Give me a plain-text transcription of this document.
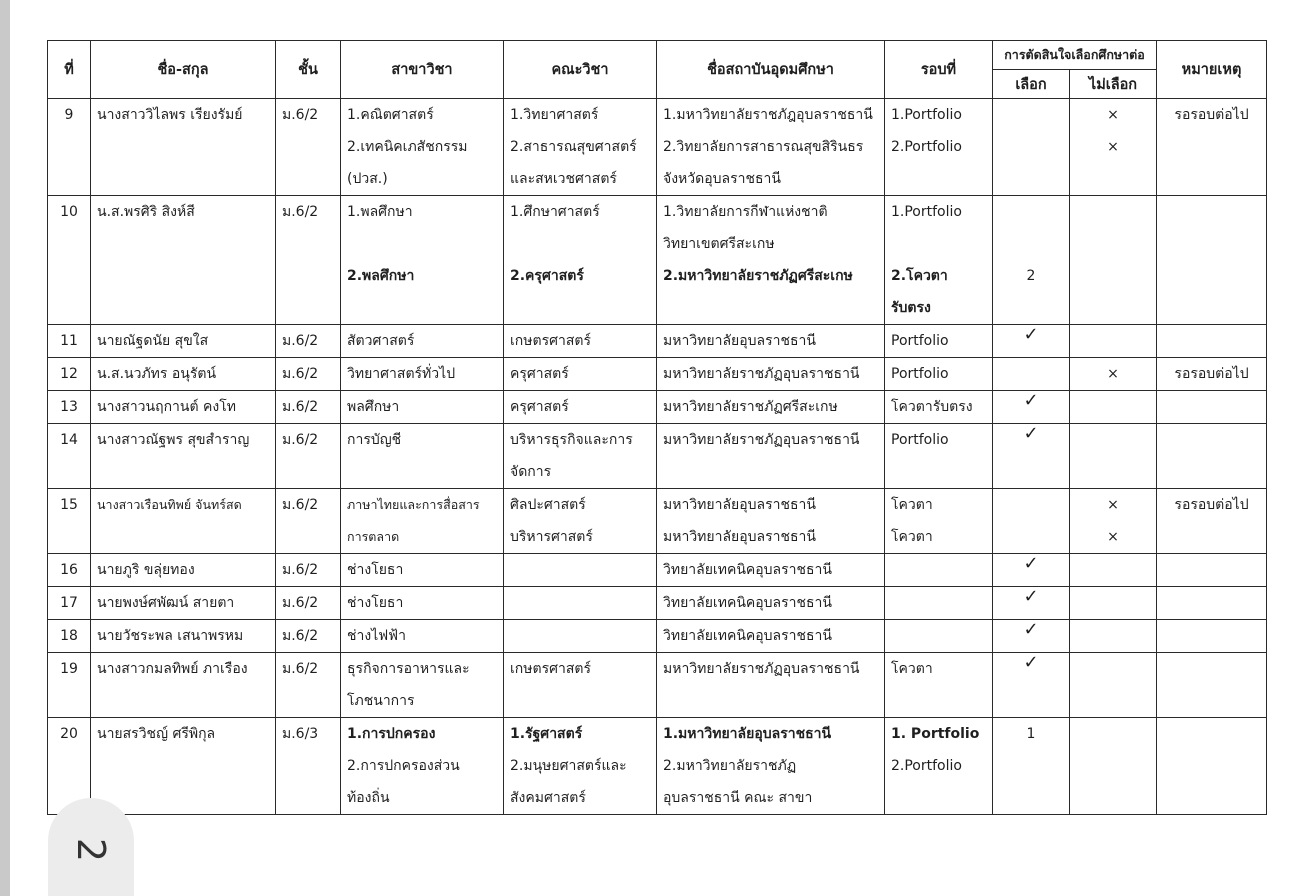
ที่	ชื่อ-สกุล	ชั้น	สาขาวิชา	คณะวิชา	ชื่อสถาบันอุดมศึกษา	รอบที่	การตัดสินใจเลือกศึกษาต่อ		หมายเหตุ
							เลือก	ไม่เลือก	
9	นางสาววิไลพร เรียงรัมย์	ม.6/2	1.คณิตศาสตร์
2.เทคนิคเภสัชกรรม
(ปวส.)	1.วิทยาศาสตร์
2.สาธารณสุขศาสตร์
และสหเวชศาสตร์	1.มหาวิทยาลัยราชภัฎอุบลราชธานี
2.วิทยาลัยการสาธารณสุขสิรินธร
จังหวัดอุบลราชธานี	1.Portfolio
2.Portfolio		×
×	รอรอบต่อไป
10	น.ส.พรศิริ สิงห์สี	ม.6/2	1.พลศึกษา
2.พลศึกษา	1.ศึกษาศาสตร์
2.ครุศาสตร์	1.วิทยาลัยการกีฬาแห่งชาติ
วิทยาเขตศรีสะเกษ
2.มหาวิทยาลัยราชภัฏศรีสะเกษ	1.Portfolio
2.โควตา
รับตรง	2		

11	นายณัฐดนัย สุขใส	ม.6/2	สัตวศาสตร์	เกษตรศาสตร์	มหาวิทยาลัยอุบลราชธานี	Portfolio	✓		

12	น.ส.นวภัทร อนุรัตน์	ม.6/2	วิทยาศาสตร์ทั่วไป	ครุศาสตร์	มหาวิทยาลัยราชภัฏอุบลราชธานี	Portfolio		×	รอรอบต่อไป
13	นางสาวนฤกานต์ คงโท	ม.6/2	พลศึกษา	ครุศาสตร์	มหาวิทยาลัยราชภัฏศรีสะเกษ	โควตารับตรง	✓		

14	นางสาวณัฐพร สุขสำราญ	ม.6/2	การบัญชี	บริหารธุรกิจและการ
จัดการ	มหาวิทยาลัยราชภัฏอุบลราชธานี	Portfolio	✓		

15	นางสาวเรือนทิพย์ จันทร์สด	ม.6/2	ภาษาไทยและการสื่อสาร
การตลาด	ศิลปะศาสตร์
บริหารศาสตร์	มหาวิทยาลัยอุบลราชธานี
มหาวิทยาลัยอุบลราชธานี	โควตา
โควตา		×
×	รอรอบต่อไป
16	นายภูริ ขลุ่ยทอง	ม.6/2	ช่างโยธา		วิทยาลัยเทคนิคอุบลราชธานี		✓		

17	นายพงษ์ศพัฒน์ สายตา	ม.6/2	ช่างโยธา		วิทยาลัยเทคนิคอุบลราชธานี		✓		

18	นายวัชระพล เสนาพรหม	ม.6/2	ช่างไฟฟ้า		วิทยาลัยเทคนิคอุบลราชธานี		✓		

19	นางสาวกมลทิพย์ ภาเรือง	ม.6/2	ธุรกิจการอาหารและ
โภชนาการ	เกษตรศาสตร์	มหาวิทยาลัยราชภัฏอุบลราชธานี	โควตา	✓		

20	นายสรวิชญ์ ศรีพิกุล	ม.6/3	1.การปกครอง
2.การปกครองส่วน
ท้องถิ่น	1.รัฐศาสตร์
2.มนุษยศาสตร์และ
สังคมศาสตร์	1.มหาวิทยาลัยอุบลราชธานี
2.มหาวิทยาลัยราชภัฏ
อุบลราชธานี คณะ สาขา	1. Portfolio
2.Portfolio	1		

2
